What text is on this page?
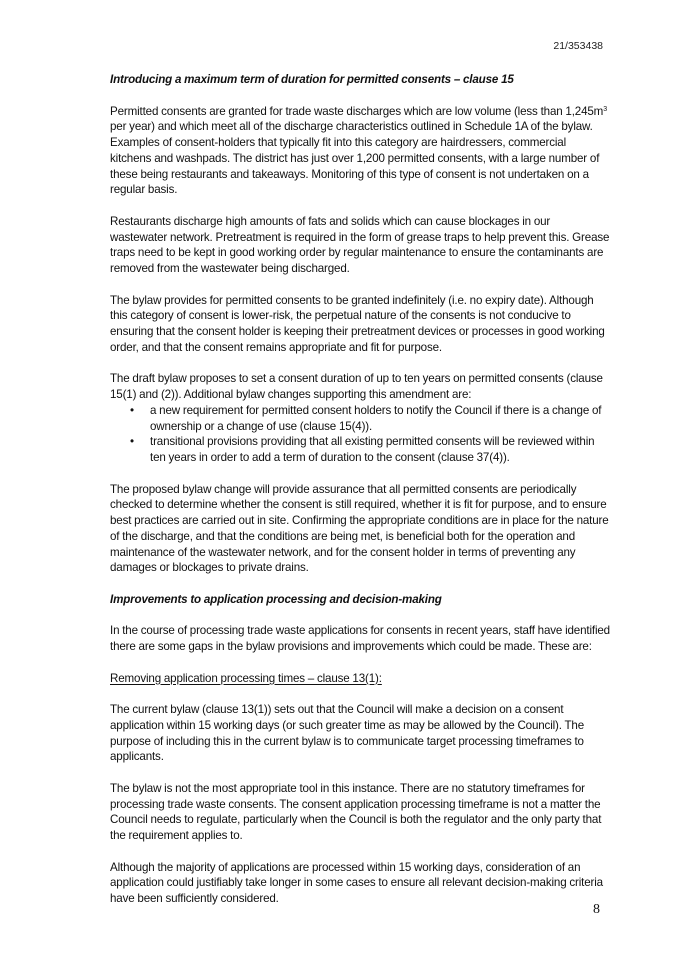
21/353438

Introducing a maximum term of duration for permitted consents – clause 15

Permitted consents are granted for trade waste discharges which are low volume (less than $1,245m^3$ per year) and which meet all of the discharge characteristics outlined in Schedule 1A of the bylaw. Examples of consent-holders that typically fit into this category are hairdressers, commercial kitchens and washpads. The district has just over 1,200 permitted consents, with a large number of these being restaurants and takeaways. Monitoring of this type of consent is not undertaken on a regular basis.

Restaurants discharge high amounts of fats and solids which can cause blockages in our wastewater network. Pretreatment is required in the form of grease traps to help prevent this. Grease traps need to be kept in good working order by regular maintenance to ensure the contaminants are removed from the wastewater being discharged.

The bylaw provides for permitted consents to be granted indefinitely (i.e. no expiry date). Although this category of consent is lower-risk, the perpetual nature of the consents is not conducive to ensuring that the consent holder is keeping their pretreatment devices or processes in good working order, and that the consent remains appropriate and fit for purpose.

The draft bylaw proposes to set a consent duration of up to ten years on permitted consents (clause 15(1) and (2)). Additional bylaw changes supporting this amendment are:

• a new requirement for permitted consent holders to notify the Council if there is a change of ownership or a change of use (clause 15(4)).
• transitional provisions providing that all existing permitted consents will be reviewed within ten years in order to add a term of duration to the consent (clause 37(4)).

The proposed bylaw change will provide assurance that all permitted consents are periodically checked to determine whether the consent is still required, whether it is fit for purpose, and to ensure best practices are carried out in site. Confirming the appropriate conditions are in place for the nature of the discharge, and that the conditions are being met, is beneficial both for the operation and maintenance of the wastewater network, and for the consent holder in terms of preventing any damages or blockages to private drains.

Improvements to application processing and decision-making

In the course of processing trade waste applications for consents in recent years, staff have identified there are some gaps in the bylaw provisions and improvements which could be made. These are:

Removing application processing times – clause 13(1):

The current bylaw (clause 13(1)) sets out that the Council will make a decision on a consent application within 15 working days (or such greater time as may be allowed by the Council). The purpose of including this in the current bylaw is to communicate target processing timeframes to applicants.

The bylaw is not the most appropriate tool in this instance. There are no statutory timeframes for processing trade waste consents. The consent application processing timeframe is not a matter the Council needs to regulate, particularly when the Council is both the regulator and the only party that the requirement applies to.

Although the majority of applications are processed within 15 working days, consideration of an application could justifiably take longer in some cases to ensure all relevant decision-making criteria have been sufficiently considered.

8
